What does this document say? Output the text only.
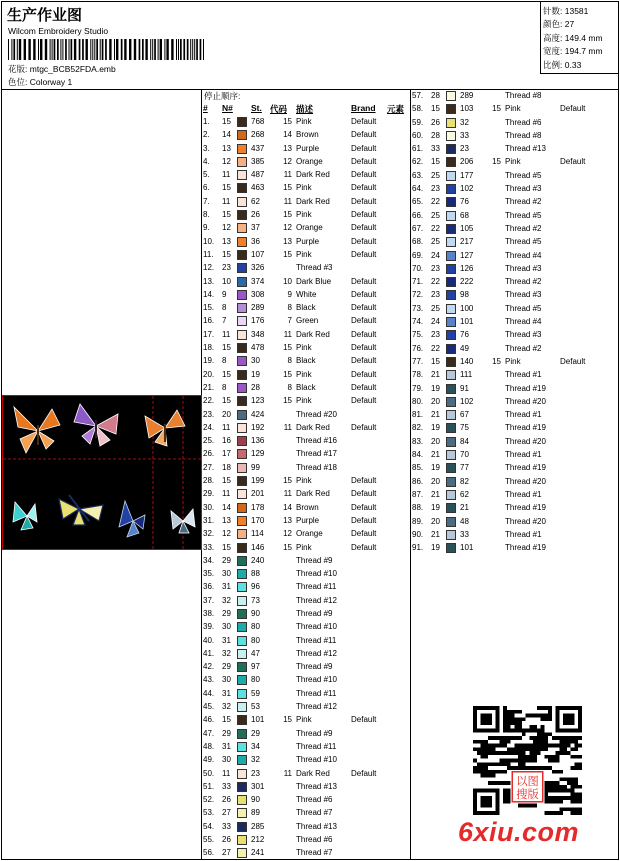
生产作业图
Wilcom Embroidery Studio
花版: mtgc_BCB52FDA.emb
色位: Colorway 1
针数: 13581
颜色: 27
高度: 149.4 mm
宽度: 194.7 mm
比例: 0.33
停止顺序:
# N# St. 代码 描述	Brand 元素
1. 15	768	15 Pink	Default
2. 14	268	14 Brown	Default
3. 13	437	13 Purple	Default
4. 12	385	12 Orange	Default
5. 11	487	11 Dark Red	Default
6. 15	463	15 Pink	Default
7. 11	62	11 Dark Red	Default
8. 15	26	15 Pink	Default
9. 12	37	12 Orange	Default
10. 13	36	13 Purple	Default
11. 15	107	15 Pink	Default
12. 23	326	Thread #3
13. 10	374	10 Dark Blue Default
14. 9	308	9 White	Default
15. 8	289	8 Black	Default
16. 7	176	7 Green	Default
17. 11	348	11 Dark Red	Default
18. 15	478	15 Pink	Default
19. 8	30	8 Black	Default
20. 15	19	15 Pink	Default
21. 8	28	8 Black	Default
22. 15	123	15 Pink	Default
23. 20	424	Thread #20
24. 11	192	11 Dark Red	Default
25. 16	136	Thread #16
26. 17	129	Thread #17
27. 18	99	Thread #18
28. 15	199	15 Pink	Default
29. 11	201	11 Dark Red	Default
30. 14	178	14 Brown	Default
31. 13	170	13 Purple	Default
32. 12	114	12 Orange	Default
33. 15	146	15 Pink	Default
34. 29	240	Thread #9
35. 30	88	Thread #10
36. 31	96	Thread #11
37. 32	73	Thread #12
38. 29	90	Thread #9
39. 30	80	Thread #10
40. 31	80	Thread #11
41. 32	47	Thread #12
42. 29	97	Thread #9
43. 30	80	Thread #10
44. 31	59	Thread #11
45. 32	53	Thread #12
46. 15	101	15 Pink	Default
47. 29	29	Thread #9
48. 31	34	Thread #11
49. 30	32	Thread #10
50. 11	23	11 Dark Red	Default
51. 33	301	Thread #13
52. 26	90	Thread #6
53. 27	89	Thread #7
54. 33	285	Thread #13
55. 26	212	Thread #6
56. 27	241	Thread #7
57. 28	289	Thread #8
58. 15	103	15 Pink	Default
59. 26	32	Thread #6
60. 28	33	Thread #8
61. 33	23	Thread #13
62. 15	206	15 Pink	Default
63. 25	177	Thread #5
64. 23	102	Thread #3
65. 22	76	Thread #2
66. 25	68	Thread #5
67. 22	105	Thread #2
68. 25	217	Thread #5
69. 24	127	Thread #4
70. 23	126	Thread #3
71. 22	222	Thread #2
72. 23	98	Thread #3
73. 25	100	Thread #5
74. 24	101	Thread #4
75. 23	76	Thread #3
76. 22	49	Thread #2
77. 15	140	15 Pink	Default
78. 21	111	Thread #1
79. 19	91	Thread #19
80. 20	102	Thread #20
81. 21	67	Thread #1
82. 19	75	Thread #19
83. 20	84	Thread #20
84. 21	70	Thread #1
85. 19	77	Thread #19
86. 20	82	Thread #20
87. 21	62	Thread #1
88. 19	21	Thread #19
89. 20	48	Thread #20
90. 21	33	Thread #1
91. 19	101	Thread #19
以图
搜版
6xiu.com
